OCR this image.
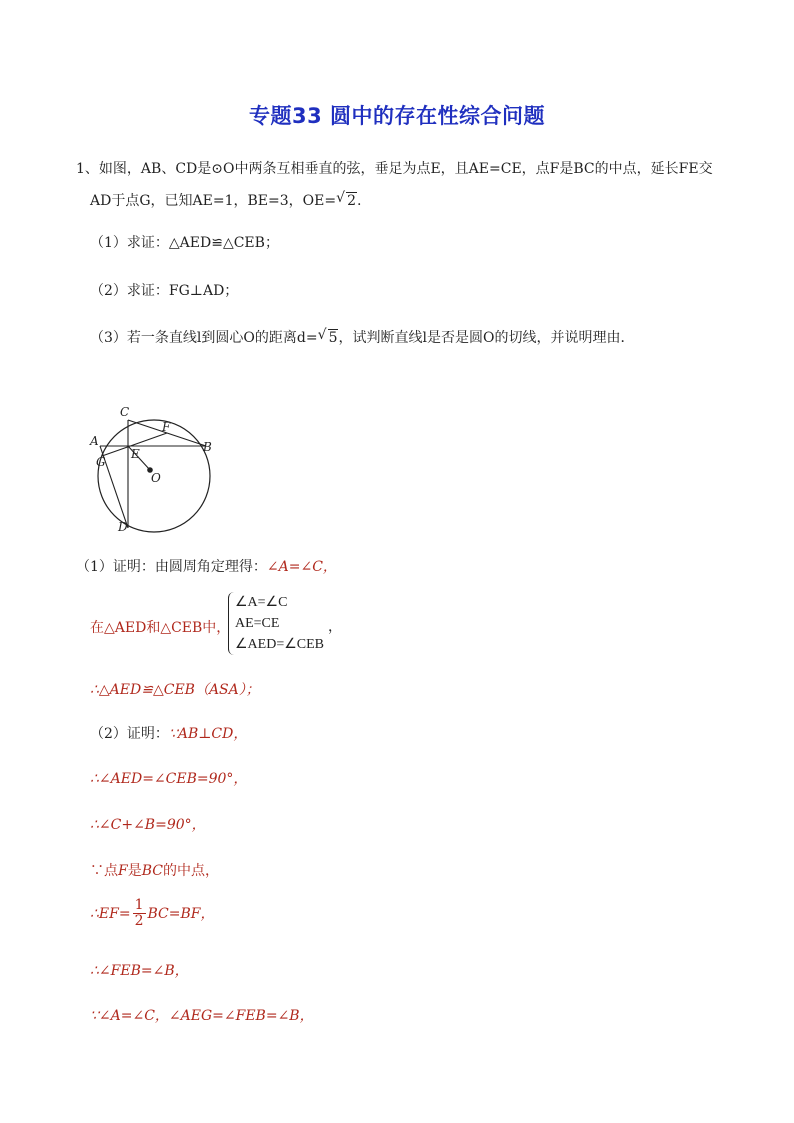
专题33 圆中的存在性综合问题
1、如图，AB、CD是⊙O中两条互相垂直的弦，垂足为点E，且AE=CE，点F是BC的中点，延长FE交
AD于点G，已知AE=1，BE=3，OE= √ 2.
（1）求证：△AED≌△CEB；
（2）求证：FG⊥AD；
（3）若一条直线l到圆心O的距离d= √ 5，试判断直线l是否是圆O的切线，并说明理由．
C
F
A	B
G
E
O
D
（1）证明：由圆周角定理得：∠A=∠C，
在△AED和△CEB中，
∠A=∠C
AE=CE
∠AED=∠CEB
，
∴△AED≌△CEB（ASA）；
（2）证明：∵AB⊥CD，
∴∠AED=∠CEB=90°，
∴∠C+∠B=90°，
∵点F是BC的中点，
∴EF= $\frac{1}{2} BC=BF$，
∴∠FEB=∠B，
∵∠A=∠C，∠AEG=∠FEB=∠B，
